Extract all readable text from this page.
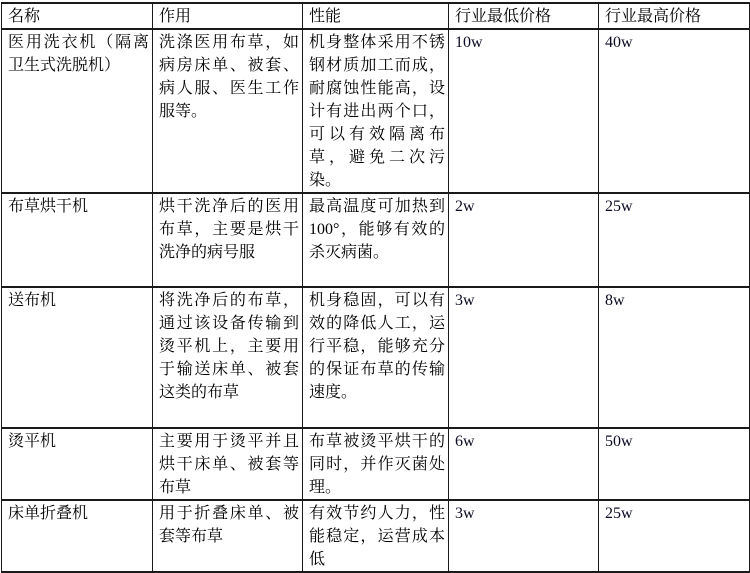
名称	作用	性能	行业最低价格	行业最高价格
医用洗衣机（隔离卫生式洗脱机）	洗涤医用布草，如病房床单、被套、病人服、医生工作服等。	机身整体采用不锈钢材质加工而成，耐腐蚀性能高，设计有进出两个口，可以有效隔离布草，避免二次污染。	10w	40w
布草烘干机	烘干洗净后的医用布草，主要是烘干洗净的病号服	最高温度可加热到 100°，能够有效的杀灭病菌。	2w	25w
送布机	将洗净后的布草，通过该设备传输到烫平机上，主要用于输送床单、被套这类的布草	机身稳固，可以有效的降低人工，运行平稳，能够充分的保证布草的传输速度。	3w	8w
烫平机	主要用于烫平并且烘干床单、被套等布草	布草被烫平烘干的同时，并作灭菌处理。	6w	50w
床单折叠机	用于折叠床单、被套等布草	有效节约人力，性能稳定，运营成本低	3w	25w
